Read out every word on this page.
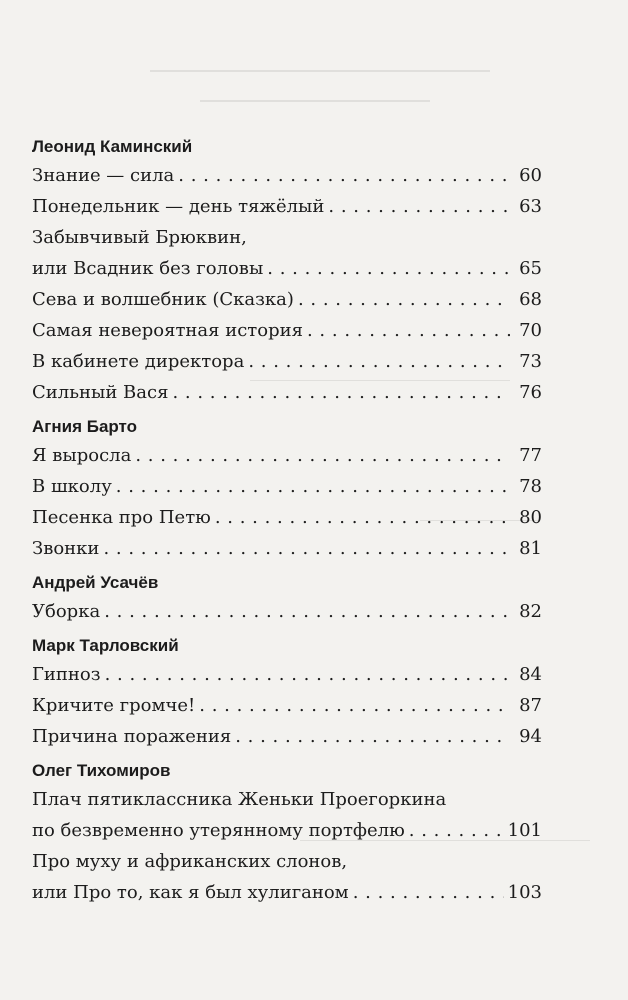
Леонид Каминский
Знание — сила . . .	60
Понедельник — день тяжёлый . . .	63
Забывчивый Брюквин,
или Всадник без головы . . .	65
Сева и волшебник (Сказка) . . .	68
Самая невероятная история . . .	70
В кабинете директора . . .	73
Сильный Вася . . .	76
Агния Барто
Я выросла . . .	77
В школу . . .	78
Песенка про Петю . . .	80
Звонки . . .	81
Андрей Усачёв
Уборка . . .	82
Марк Тарловский
Гипноз . . .	84
Кричите громче! . . .	87
Причина поражения . . .	94
Олег Тихомиров
Плач пятиклассника Женьки Проегоркина
по безвременно утерянному портфелю . . .	101
Про муху и африканских слонов,
или Про то, как я был хулиганом . . .	103
